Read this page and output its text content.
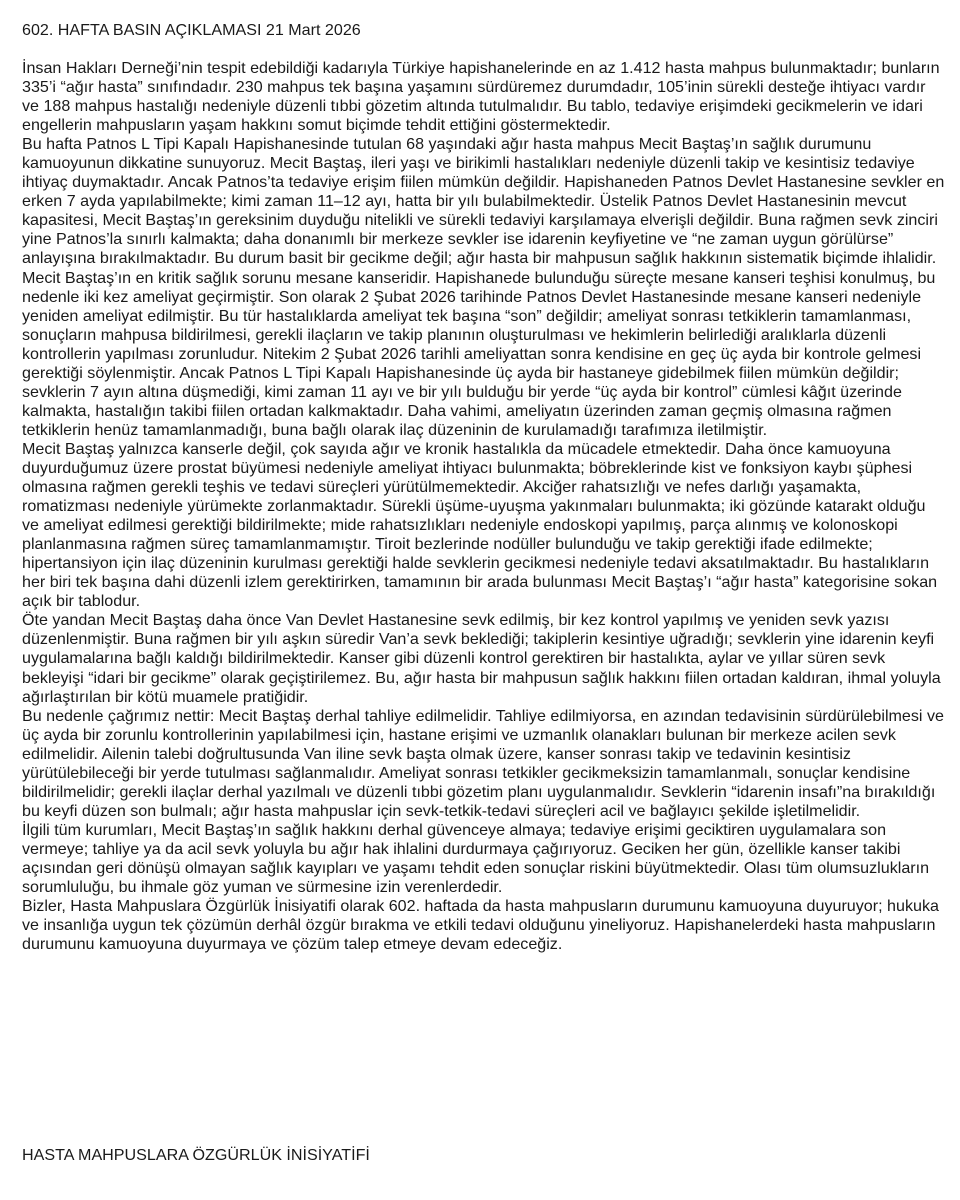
602. HAFTA BASIN AÇIKLAMASI 21 Mart 2026

İnsan Hakları Derneği’nin tespit edebildiği kadarıyla Türkiye hapishanelerinde en az 1.412 hasta mahpus bulunmaktadır; bunların 335’i “ağır hasta” sınıfındadır. 230 mahpus tek başına yaşamını sürdüremez durumdadır, 105’inin sürekli desteğe ihtiyacı vardır ve 188 mahpus hastalığı nedeniyle düzenli tıbbi gözetim altında tutulmalıdır. Bu tablo, tedaviye erişimdeki gecikmelerin ve idari engellerin mahpusların yaşam hakkını somut biçimde tehdit ettiğini göstermektedir.

Bu hafta Patnos L Tipi Kapalı Hapishanesinde tutulan 68 yaşındaki ağır hasta mahpus Mecit Baştaş’ın sağlık durumunu kamuoyunun dikkatine sunuyoruz. Mecit Baştaş, ileri yaşı ve birikimli hastalıkları nedeniyle düzenli takip ve kesintisiz tedaviye ihtiyaç duymaktadır. Ancak Patnos’ta tedaviye erişim fiilen mümkün değildir. Hapishaneden Patnos Devlet Hastanesine sevkler en erken 7 ayda yapılabilmekte; kimi zaman 11–12 ayı, hatta bir yılı bulabilmektedir. Üstelik Patnos Devlet Hastanesinin mevcut kapasitesi, Mecit Baştaş’ın gereksinim duyduğu nitelikli ve sürekli tedaviyi karşılamaya elverişli değildir. Buna rağmen sevk zinciri yine Patnos’la sınırlı kalmakta; daha donanımlı bir merkeze sevkler ise idarenin keyfiyetine ve “ne zaman uygun görülürse” anlayışına bırakılmaktadır. Bu durum basit bir gecikme değil; ağır hasta bir mahpusun sağlık hakkının sistematik biçimde ihlalidir.

Mecit Baştaş’ın en kritik sağlık sorunu mesane kanseridir. Hapishanede bulunduğu süreçte mesane kanseri teşhisi konulmuş, bu nedenle iki kez ameliyat geçirmiştir. Son olarak 2 Şubat 2026 tarihinde Patnos Devlet Hastanesinde mesane kanseri nedeniyle yeniden ameliyat edilmiştir. Bu tür hastalıklarda ameliyat tek başına “son” değildir; ameliyat sonrası tetkiklerin tamamlanması, sonuçların mahpusa bildirilmesi, gerekli ilaçların ve takip planının oluşturulması ve hekimlerin belirlediği aralıklarla düzenli kontrollerin yapılması zorunludur. Nitekim 2 Şubat 2026 tarihli ameliyattan sonra kendisine en geç üç ayda bir kontrole gelmesi gerektiği söylenmiştir. Ancak Patnos L Tipi Kapalı Hapishanesinde üç ayda bir hastaneye gidebilmek fiilen mümkün değildir; sevklerin 7 ayın altına düşmediği, kimi zaman 11 ayı ve bir yılı bulduğu bir yerde “üç ayda bir kontrol” cümlesi kâğıt üzerinde kalmakta, hastalığın takibi fiilen ortadan kalkmaktadır. Daha vahimi, ameliyatın üzerinden zaman geçmiş olmasına rağmen tetkiklerin henüz tamamlanmadığı, buna bağlı olarak ilaç düzeninin de kurulamadığı tarafımıza iletilmiştir.

Mecit Baştaş yalnızca kanserle değil, çok sayıda ağır ve kronik hastalıkla da mücadele etmektedir. Daha önce kamuoyuna duyurduğumuz üzere prostat büyümesi nedeniyle ameliyat ihtiyacı bulunmakta; böbreklerinde kist ve fonksiyon kaybı şüphesi olmasına rağmen gerekli teşhis ve tedavi süreçleri yürütülmemektedir. Akciğer rahatsızlığı ve nefes darlığı yaşamakta, romatizması nedeniyle yürümekte zorlanmaktadır. Sürekli üşüme-uyuşma yakınmaları bulunmakta; iki gözünde katarakt olduğu ve ameliyat edilmesi gerektiği bildirilmekte; mide rahatsızlıkları nedeniyle endoskopi yapılmış, parça alınmış ve kolonoskopi planlanmasına rağmen süreç tamamlanmamıştır. Tiroit bezlerinde nodüller bulunduğu ve takip gerektiği ifade edilmekte; hipertansiyon için ilaç düzeninin kurulması gerektiği halde sevklerin gecikmesi nedeniyle tedavi aksatılmaktadır. Bu hastalıkların her biri tek başına dahi düzenli izlem gerektirirken, tamamının bir arada bulunması Mecit Baştaş’ı “ağır hasta” kategorisine sokan açık bir tablodur.

Öte yandan Mecit Baştaş daha önce Van Devlet Hastanesine sevk edilmiş, bir kez kontrol yapılmış ve yeniden sevk yazısı düzenlenmiştir. Buna rağmen bir yılı aşkın süredir Van’a sevk beklediği; takiplerin kesintiye uğradığı; sevklerin yine idarenin keyfi uygulamalarına bağlı kaldığı bildirilmektedir. Kanser gibi düzenli kontrol gerektiren bir hastalıkta, aylar ve yıllar süren sevk bekleyişi “idari bir gecikme” olarak geçiştirilemez. Bu, ağır hasta bir mahpusun sağlık hakkını fiilen ortadan kaldıran, ihmal yoluyla ağırlaştırılan bir kötü muamele pratiğidir.

Bu nedenle çağrımız nettir: Mecit Baştaş derhal tahliye edilmelidir. Tahliye edilmiyorsa, en azından tedavisinin sürdürülebilmesi ve üç ayda bir zorunlu kontrollerinin yapılabilmesi için, hastane erişimi ve uzmanlık olanakları bulunan bir merkeze acilen sevk edilmelidir. Ailenin talebi doğrultusunda Van iline sevk başta olmak üzere, kanser sonrası takip ve tedavinin kesintisiz yürütülebileceği bir yerde tutulması sağlanmalıdır. Ameliyat sonrası tetkikler gecikmeksizin tamamlanmalı, sonuçlar kendisine bildirilmelidir; gerekli ilaçlar derhal yazılmalı ve düzenli tıbbi gözetim planı uygulanmalıdır. Sevklerin “idarenin insafı”na bırakıldığı bu keyfi düzen son bulmalı; ağır hasta mahpuslar için sevk-tetkik-tedavi süreçleri acil ve bağlayıcı şekilde işletilmelidir.

İlgili tüm kurumları, Mecit Baştaş’ın sağlık hakkını derhal güvenceye almaya; tedaviye erişimi geciktiren uygulamalara son vermeye; tahliye ya da acil sevk yoluyla bu ağır hak ihlalini durdurmaya çağırıyoruz. Geciken her gün, özellikle kanser takibi açısından geri dönüşü olmayan sağlık kayıpları ve yaşamı tehdit eden sonuçlar riskini büyütmektedir. Olası tüm olumsuzlukların sorumluluğu, bu ihmale göz yuman ve sürmesine izin verenlerdedir.

Bizler, Hasta Mahpuslara Özgürlük İnisiyatifi olarak 602. haftada da hasta mahpusların durumunu kamuoyuna duyuruyor; hukuka ve insanlığa uygun tek çözümün derhâl özgür bırakma ve etkili tedavi olduğunu yineliyoruz. Hapishanelerdeki hasta mahpusların durumunu kamuoyuna duyurmaya ve çözüm talep etmeye devam edeceğiz.

HASTA MAHPUSLARA ÖZGÜRLÜK İNİSİYATİFİ
